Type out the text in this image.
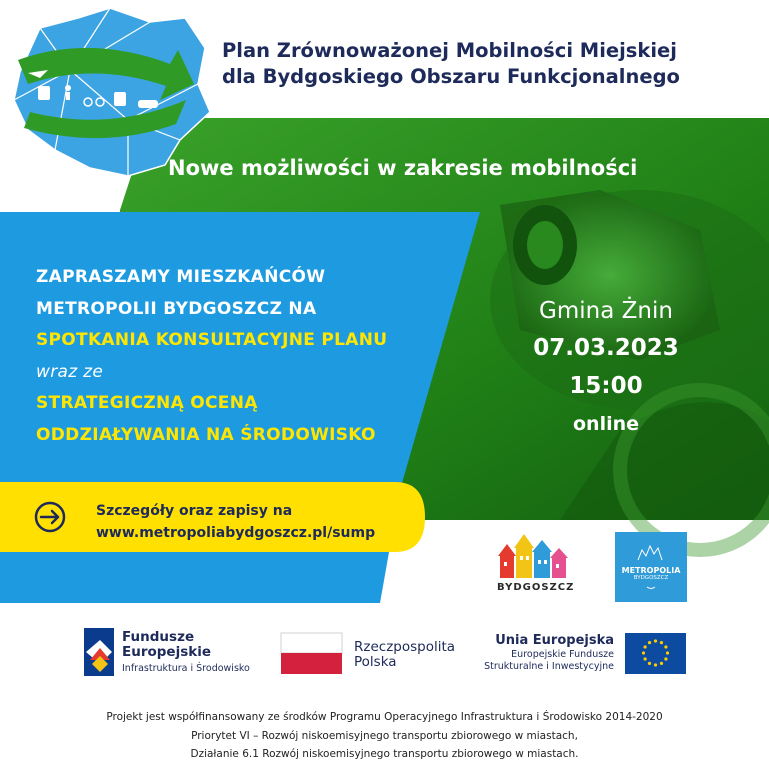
Plan Zrównoważonej Mobilności Miejskiej
dla Bydgoskiego Obszaru Funkcjonalnego
Nowe możliwości w zakresie mobilności
ZAPRASZAMY MIESZKAŃCÓW
METROPOLII BYDGOSZCZ NA
SPOTKANIA KONSULTACYJNE PLANU
wraz ze
STRATEGICZNĄ OCENĄ
ODDZIAŁYWANIA NA ŚRODOWISKO
Gmina Żnin
07.03.2023
15:00
online
Szczegóły oraz zapisy na
www.metropoliabydgoszcz.pl/sump
BYDGOSZCZ
METROPOLIA
BYDGOSZCZ
Fundusze
Europejskie
Infrastruktura i Środowisko
Rzeczpospolita
Polska
Unia Europejska
Europejskie Fundusze
Strukturalne i Inwestycyjne
Projekt jest współfinansowany ze środków Programu Operacyjnego Infrastruktura i Środowisko 2014-2020
Priorytet VI – Rozwój niskoemisyjnego transportu zbiorowego w miastach,
Działanie 6.1 Rozwój niskoemisyjnego transportu zbiorowego w miastach.
